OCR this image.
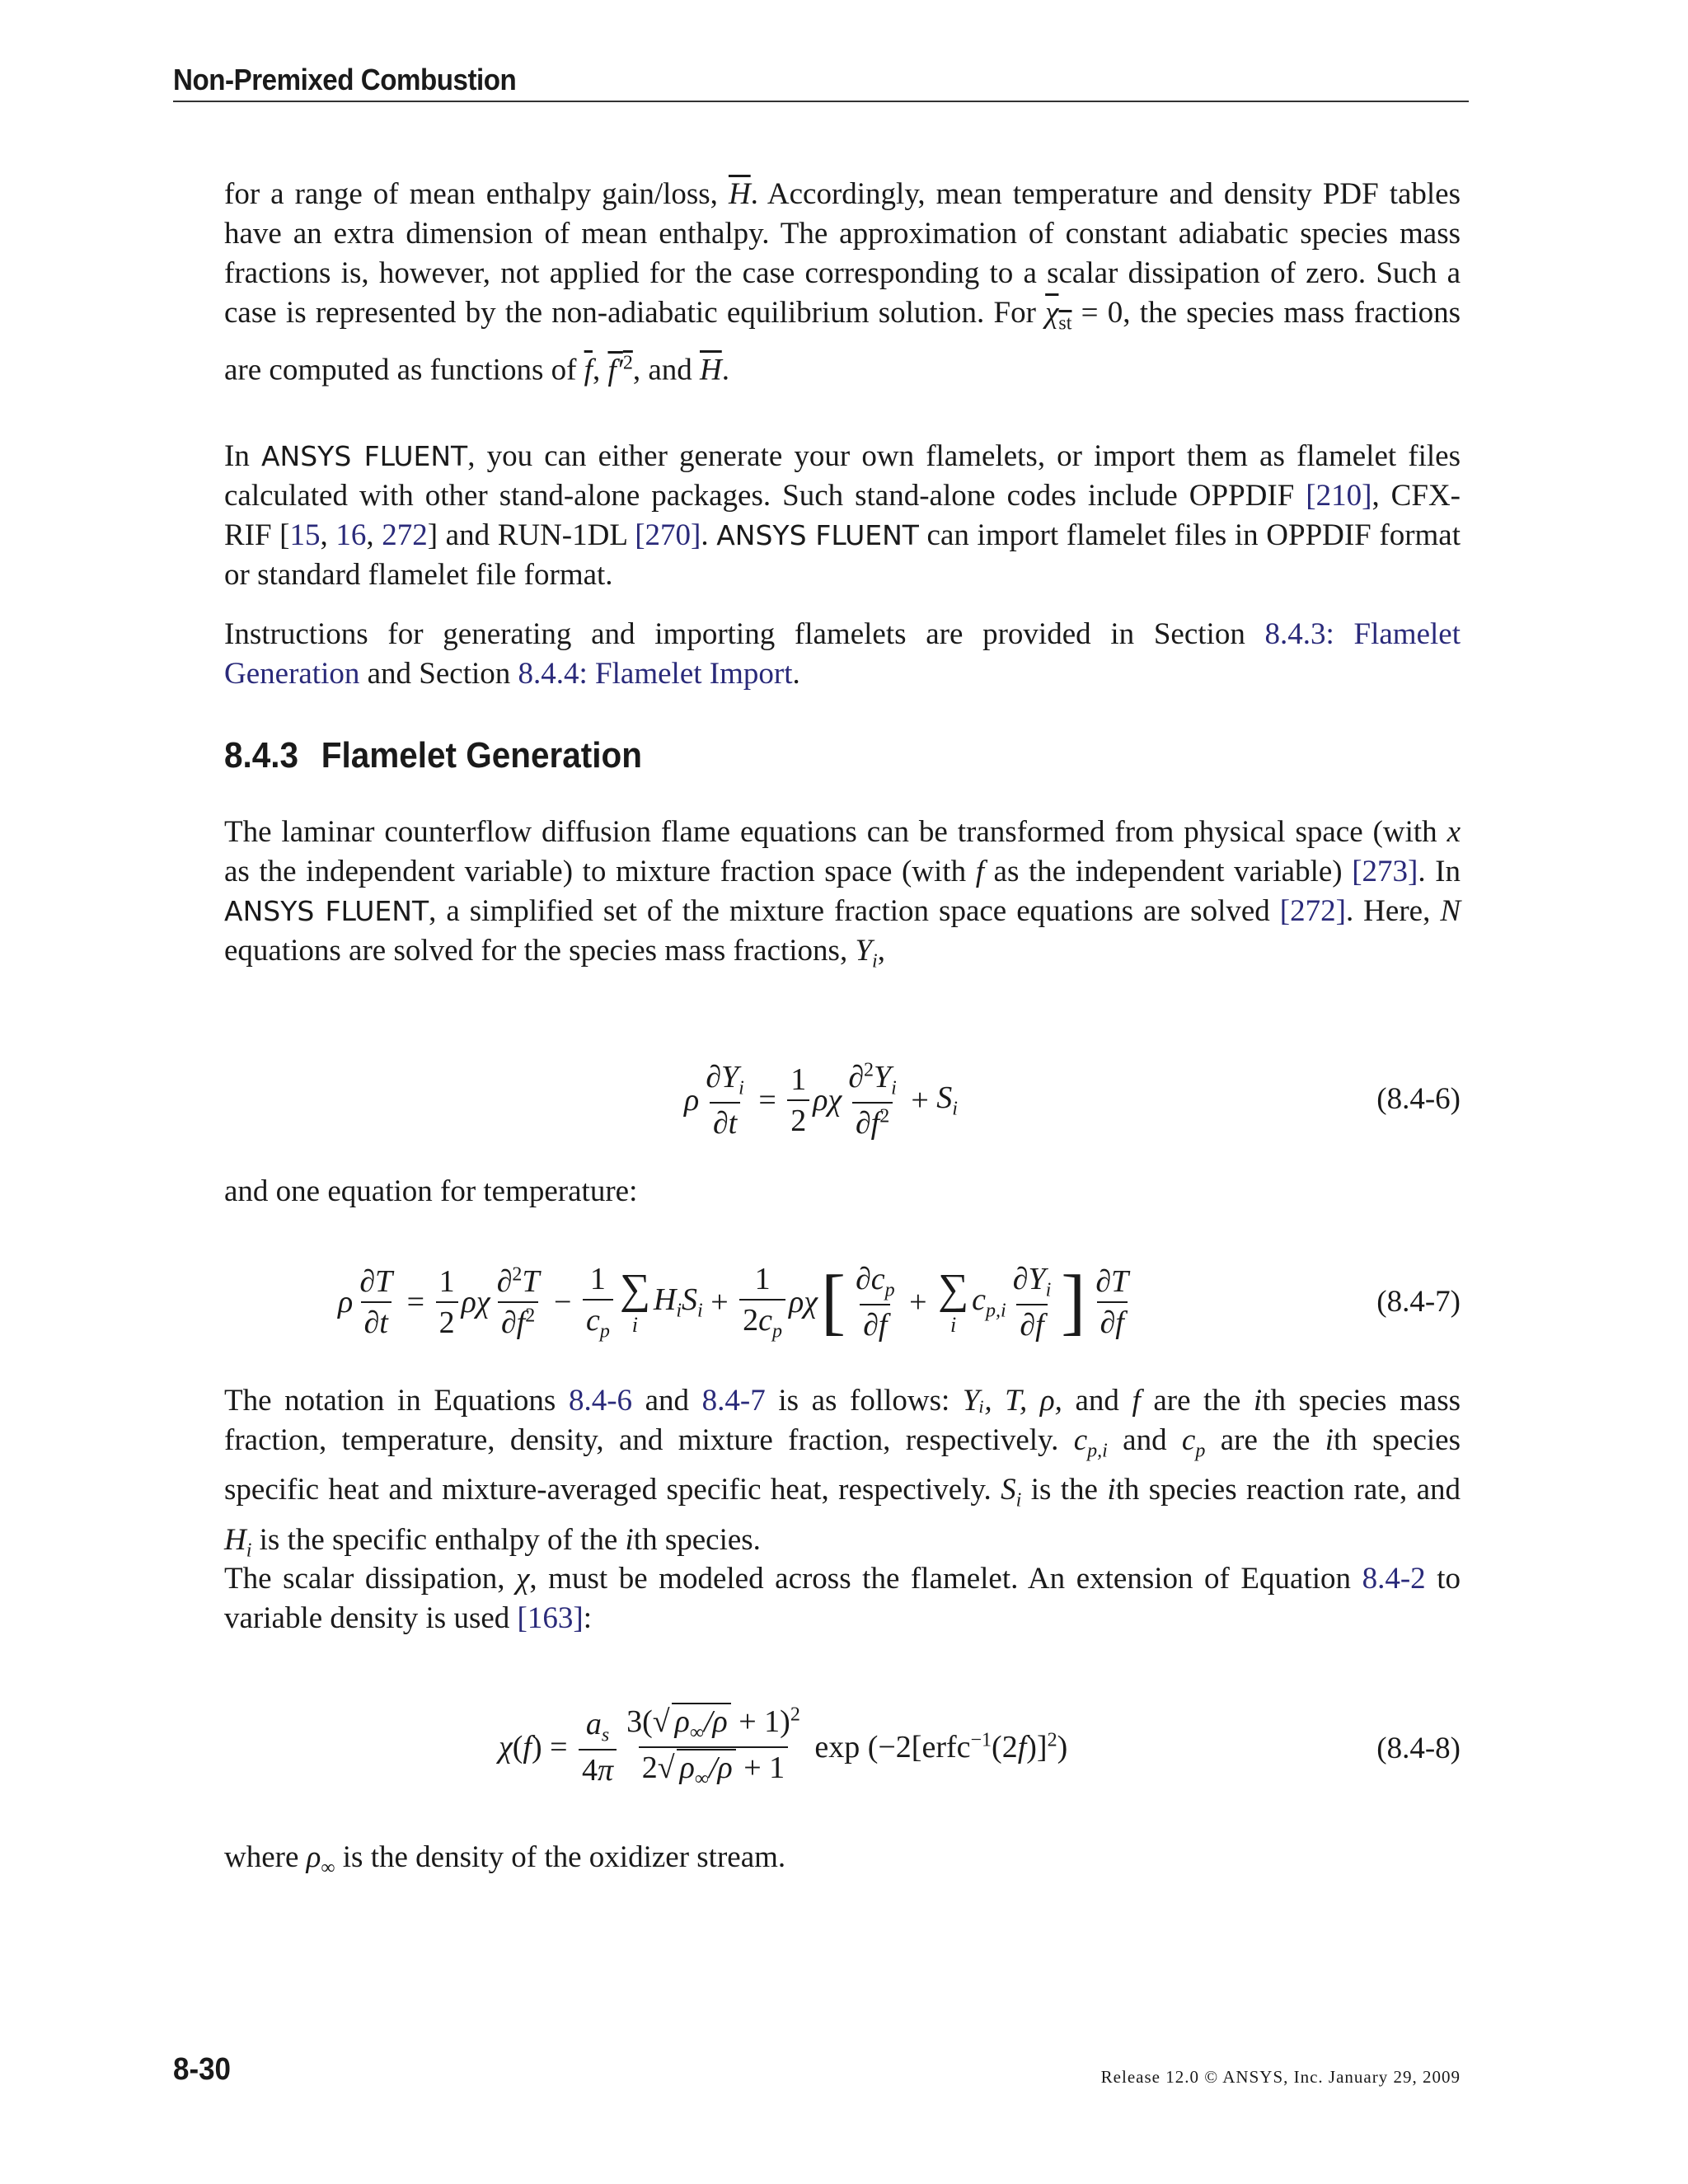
Non-Premixed Combustion

for a range of mean enthalpy gain/loss, $\overline{H}$. Accordingly, mean temperature and density PDF tables have an extra dimension of mean enthalpy. The approximation of constant adiabatic species mass fractions is, however, not applied for the case corresponding to a scalar dissipation of zero. Such a case is represented by the non-adiabatic equilibrium solution. For $\chi_{st} = 0$, the species mass fractions are computed as functions of $\overline{f}$, $f'^2$, and $\overline{H}$.

In ANSYS FLUENT, you can either generate your own flamelets, or import them as flamelet files calculated with other stand-alone packages. Such stand-alone codes include OPPDIF [210], CFX-RIF [15, 16, 272] and RUN-1DL [270]. ANSYS FLUENT can import flamelet files in OPPDIF format or standard flamelet file format.

Instructions for generating and importing flamelets are provided in Section 8.4.3: Flamelet Generation and Section 8.4.4: Flamelet Import.

8.4.3 Flamelet Generation

The laminar counterflow diffusion flame equations can be transformed from physical space (with x as the independent variable) to mixture fraction space (with f as the independent variable) [273]. In ANSYS FLUENT, a simplified set of the mixture fraction space equations are solved [272]. Here, N equations are solved for the species mass fractions, $Y_i$,

ρ $\frac{\partial Y_i}{\partial t} = \frac{1}{2}$ ρχ $\frac{\partial^2Y_i}{\partial f^2} + S_i$	(8.4-6)

and one equation for temperature:

ρ $\frac{\partial T}{\partial t} = \frac{1}{2}$ ρχ $\frac{\partial^2T}{\partial f^2} - \frac{1}{c_p}$ ∑
i
$H_iS_i + \frac{1}{2c_p}$ ρχ [ $\frac{\partial c_p}{\partial f}$ + ∑
i
$c_{p,i} \frac{\partial Y_i}{\partial f}$ ] $\frac{\partial T}{\partial f}$	(8.4-7)

The notation in Equations 8.4-6 and 8.4-7 is as follows: Yᵢ, T, ρ, and f are the ith species mass fraction, temperature, density, and mixture fraction, respectively. $c_{p,i}$ and $c_p$ are the ith species specific heat and mixture-averaged specific heat, respectively. $S_i$ is the ith species reaction rate, and $H_i$ is the specific enthalpy of the ith species.

The scalar dissipation, χ, must be modeled across the flamelet. An extension of Equation 8.4-2 to variable density is used [163]:

$\chi(f) = \frac{a_s}{4\pi} \frac{3(√ \rho_\infty/\rho + 1)^2}{2√ \rho_\infty/\rho + 1}$ exp (−2[erfc$^{-1}$(2 f )]$^2$)	(8.4-8)

where $\rho_\infty$ is the density of the oxidizer stream.

8-30	Release 12.0 © ANSYS, Inc. January 29, 2009
